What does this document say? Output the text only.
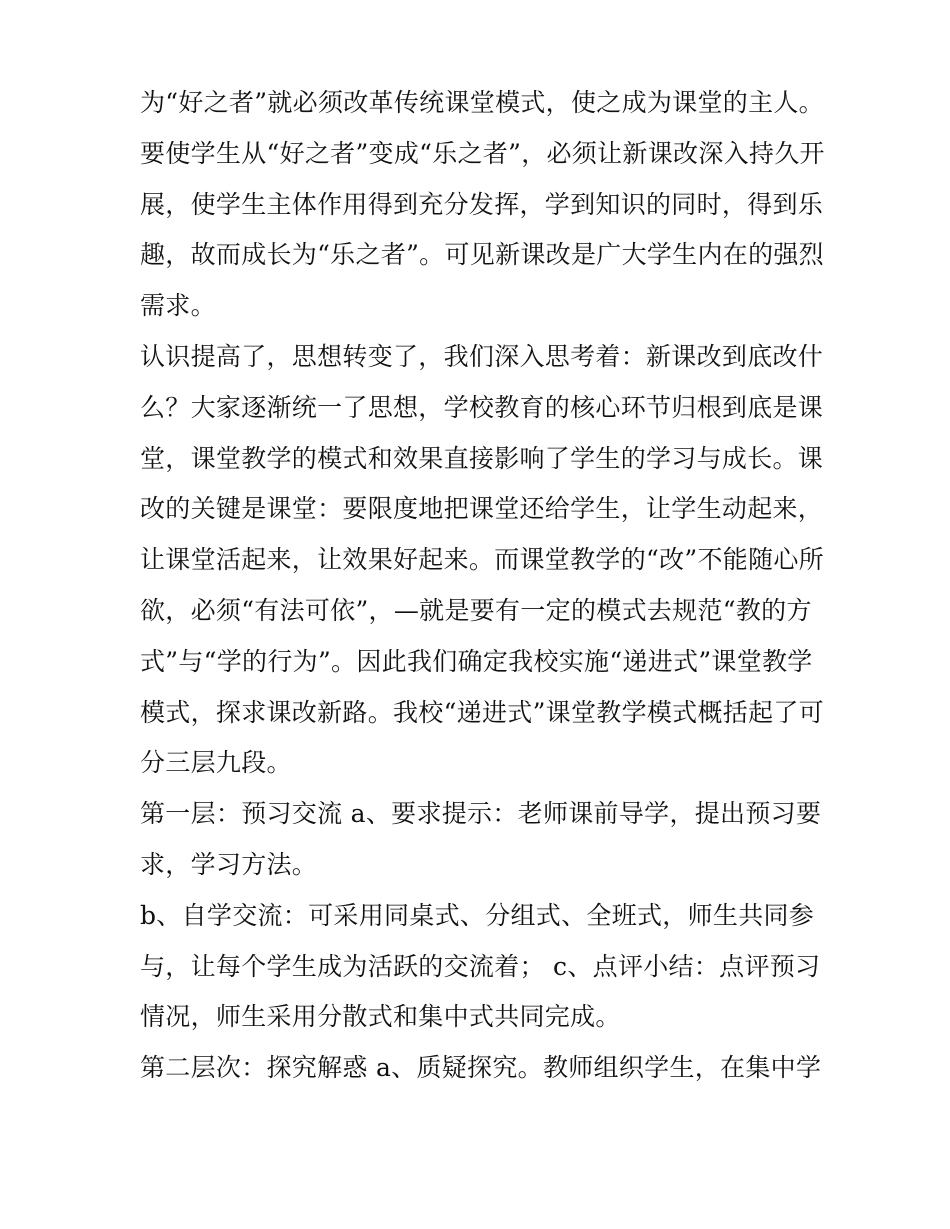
为“好之者”就必须改革传统课堂模式，使之成为课堂的主人。

要使学生从“好之者”变成“乐之者”，必须让新课改深入持久开
展，使学生主体作用得到充分发挥，学到知识的同时，得到乐
趣，故而成长为“乐之者”。可见新课改是广大学生内在的强烈
需求。

认识提高了，思想转变了，我们深入思考着：新课改到底改什
么？大家逐渐统一了思想，学校教育的核心环节归根到底是课
堂，课堂教学的模式和效果直接影响了学生的学习与成长。课
改的关键是课堂：要限度地把课堂还给学生，让学生动起来，
让课堂活起来，让效果好起来。而课堂教学的“改”不能随心所
欲，必须“有法可依”，—就是要有一定的模式去规范“教的方
式”与“学的行为”。因此我们确定我校实施“递进式”课堂教学
模式，探求课改新路。我校“递进式”课堂教学模式概括起了可
分三层九段。

第一层：预习交流 a、要求提示：老师课前导学，提出预习要
求，学习方法。

b、自学交流：可采用同桌式、分组式、全班式，师生共同参
与，让每个学生成为活跃的交流着； c、点评小结：点评预习
情况，师生采用分散式和集中式共同完成。

第二层次：探究解惑 a、质疑探究。教师组织学生，在集中学
